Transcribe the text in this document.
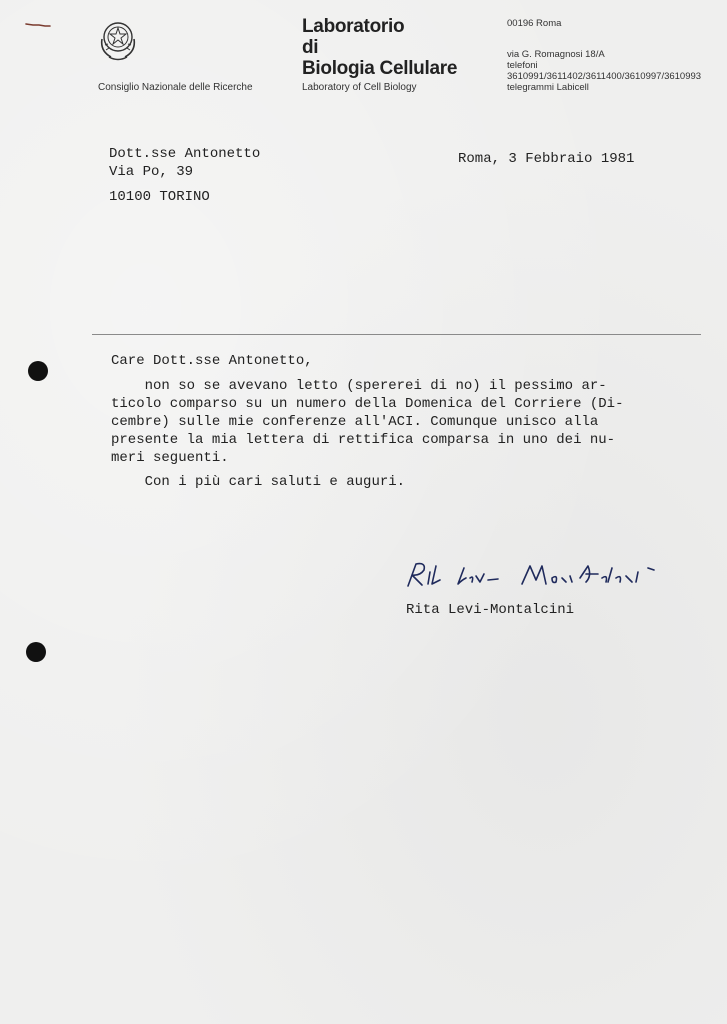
Consiglio Nazionale delle Ricerche
Laboratorio
di
Biologia Cellulare
Laboratory of Cell Biology
00196 Roma
via G. Romagnosi 18/A
telefoni
3610991/3611402/3611400/3610997/3610993
telegrammi Labicell
Dott.sse Antonetto
Via Po, 39
10100 TORINO
Roma, 3 Febbraio 1981
Care Dott.sse Antonetto,
non so se avevano letto (spererei di no) il pessimo ar-
ticolo comparso su un numero della Domenica del Corriere (Di-
cembre) sulle mie conferenze all'ACI. Comunque unisco alla
presente la mia lettera di rettifica comparsa in uno dei nu-
meri seguenti.
Con i più cari saluti e auguri.
Rita Levi-Montalcini
